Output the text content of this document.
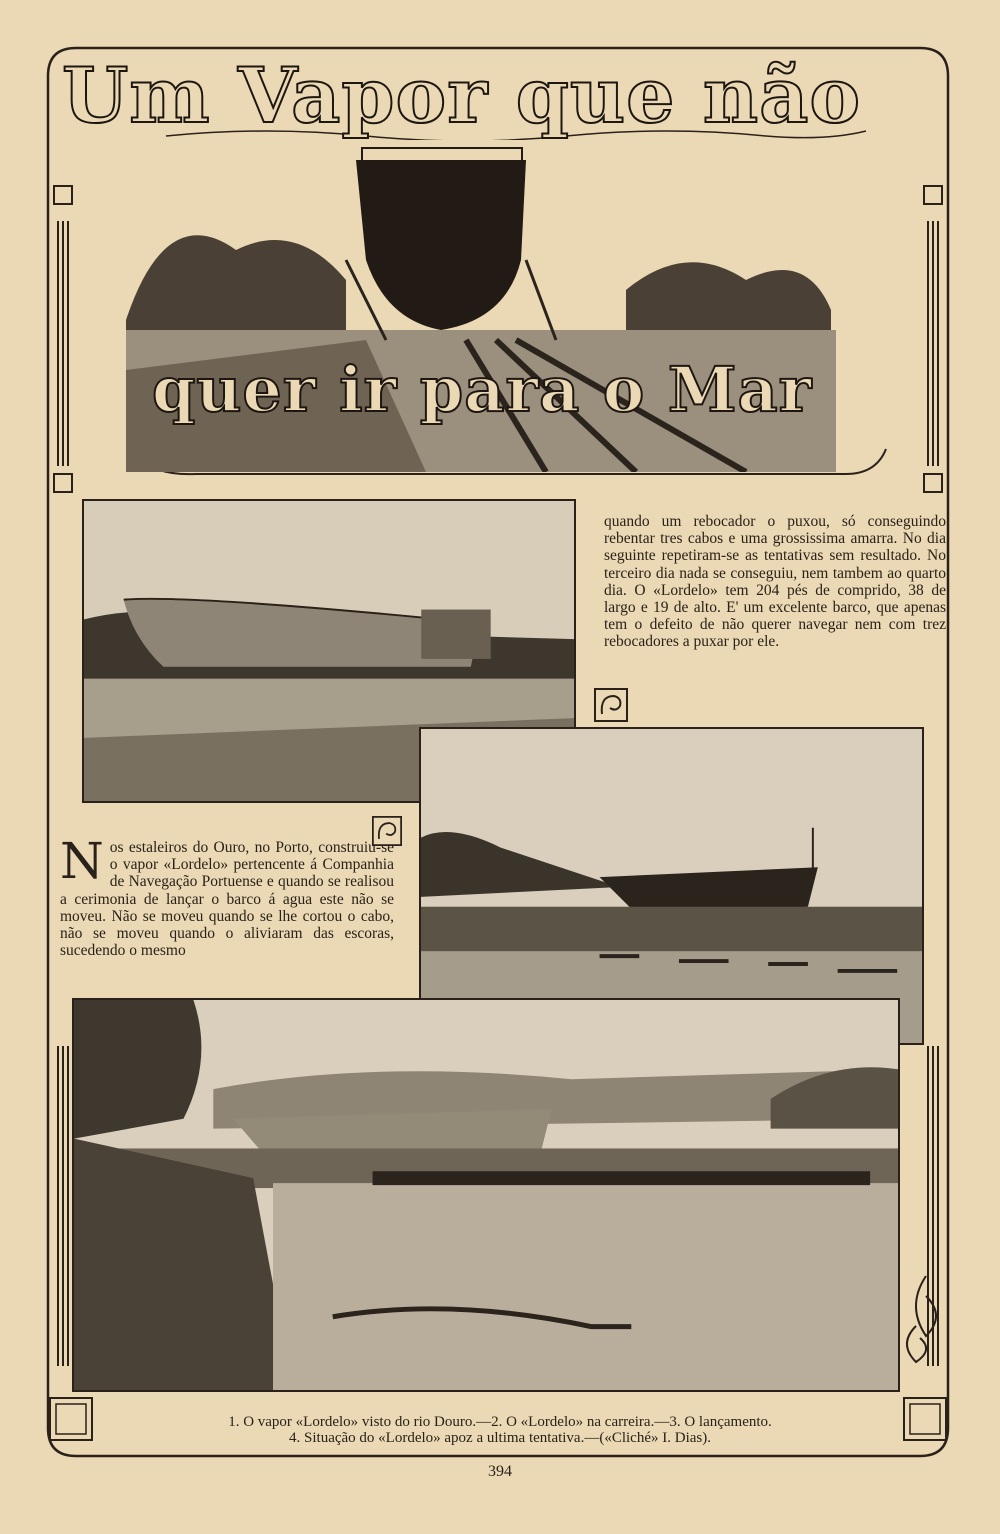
Um Vapor que não
quer ir para o Mar
quando um rebocador o puxou, só conseguindo rebentar tres cabos e uma grossissima amarra. No dia seguinte repetiram-se as tentativas sem resultado. No terceiro dia nada se conseguiu, nem tambem ao quarto dia. O «Lordelo» tem 204 pés de comprido, 38 de largo e 19 de alto. E' um excelente barco, que apenas tem o defeito de não querer navegar nem com trez rebocadores a puxar por ele.
Nos estaleiros do Ouro, no Porto, construiu-se o vapor «Lordelo» pertencente á Companhia de Navegação Portuense e quando se realisou a cerimonia de lançar o barco á agua este não se moveu. Não se moveu quando se lhe cortou o cabo, não se moveu quando o aliviaram das escoras, sucedendo o mesmo
1. O vapor «Lordelo» visto do rio Douro.—2. O «Lordelo» na carreira.—3. O lançamento.
4. Situação do «Lordelo» apoz a ultima tentativa.—(«Cliché» I. Dias).
394
